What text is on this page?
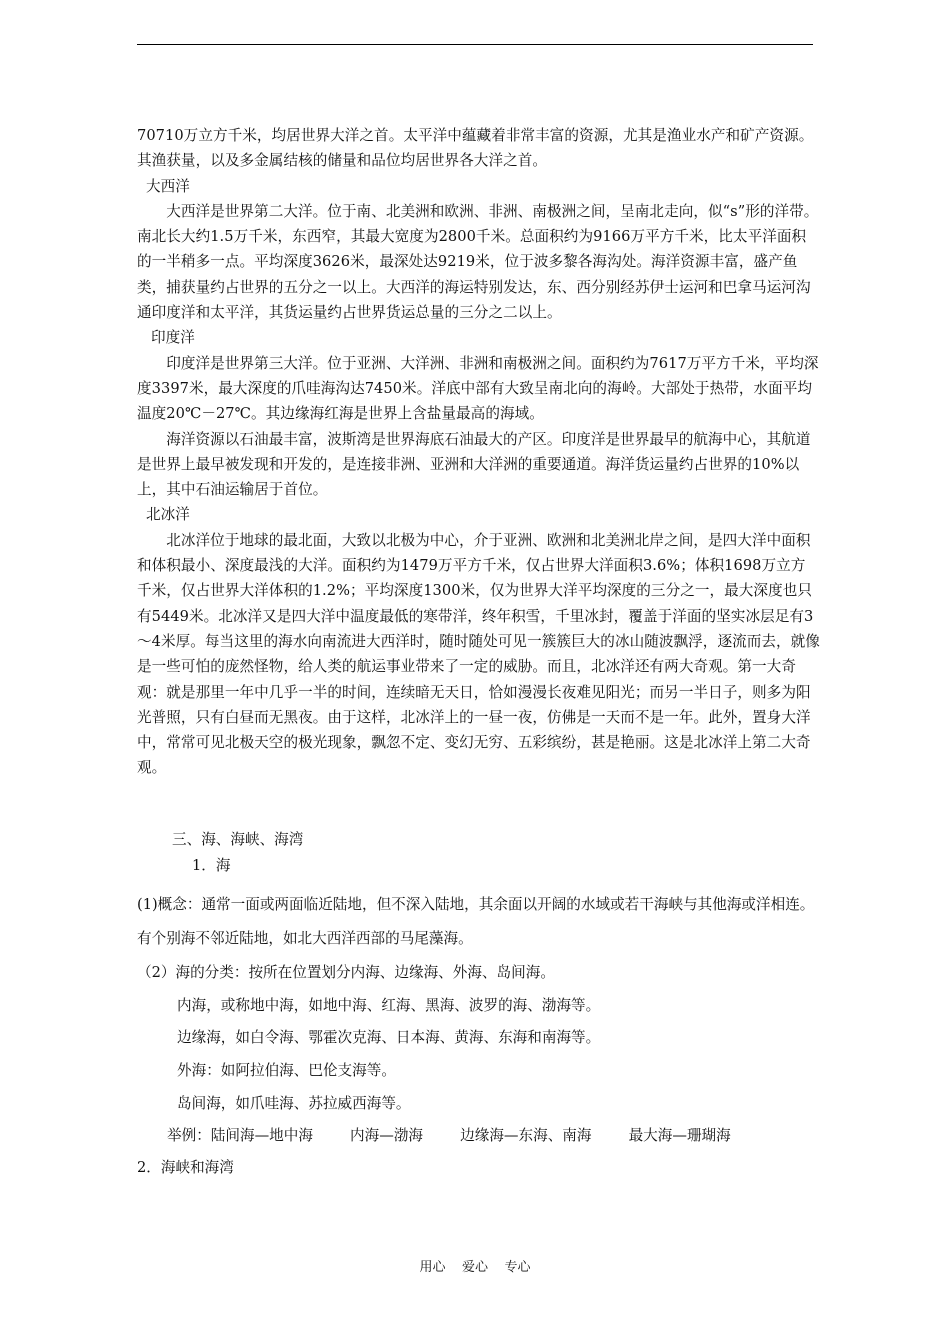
70710万立方千米，均居世界大洋之首。太平洋中蕴藏着非常丰富的资源，尤其是渔业水产和矿产资源。其渔获量，以及多金属结核的储量和品位均居世界各大洋之首。

大西洋

大西洋是世界第二大洋。位于南、北美洲和欧洲、非洲、南极洲之间，呈南北走向，似“s”形的洋带。南北长大约1.5万千米，东西窄，其最大宽度为2800千米。总面积约为9166万平方千米，比太平洋面积的一半稍多一点。平均深度3626米，最深处达9219米，位于波多黎各海沟处。海洋资源丰富，盛产鱼类，捕获量约占世界的五分之一以上。大西洋的海运特别发达，东、西分别经苏伊士运河和巴拿马运河沟通印度洋和太平洋，其货运量约占世界货运总量的三分之二以上。

印度洋

印度洋是世界第三大洋。位于亚洲、大洋洲、非洲和南极洲之间。面积约为7617万平方千米，平均深度3397米，最大深度的爪哇海沟达7450米。洋底中部有大致呈南北向的海岭。大部处于热带，水面平均温度20℃－27℃。其边缘海红海是世界上含盐量最高的海域。

海洋资源以石油最丰富，波斯湾是世界海底石油最大的产区。印度洋是世界最早的航海中心，其航道是世界上最早被发现和开发的，是连接非洲、亚洲和大洋洲的重要通道。海洋货运量约占世界的10%以上，其中石油运输居于首位。

北冰洋

北冰洋位于地球的最北面，大致以北极为中心，介于亚洲、欧洲和北美洲北岸之间，是四大洋中面积和体积最小、深度最浅的大洋。面积约为1479万平方千米，仅占世界大洋面积3.6%；体积1698万立方千米，仅占世界大洋体积的1.2%；平均深度1300米，仅为世界大洋平均深度的三分之一，最大深度也只有5449米。北冰洋又是四大洋中温度最低的寒带洋，终年积雪，千里冰封，覆盖于洋面的坚实冰层足有3～4米厚。每当这里的海水向南流进大西洋时，随时随处可见一簇簇巨大的冰山随波飘浮，逐流而去，就像是一些可怕的庞然怪物，给人类的航运事业带来了一定的威胁。而且，北冰洋还有两大奇观。第一大奇观：就是那里一年中几乎一半的时间，连续暗无天日，恰如漫漫长夜难见阳光；而另一半日子，则多为阳光普照，只有白昼而无黑夜。由于这样，北冰洋上的一昼一夜，仿佛是一天而不是一年。此外，置身大洋中，常常可见北极天空的极光现象，飘忽不定、变幻无穷、五彩缤纷，甚是艳丽。这是北冰洋上第二大奇观。

三、海、海峡、海湾

1．海

(1)概念：通常一面或两面临近陆地，但不深入陆地，其余面以开阔的水域或若干海峡与其他海或洋相连。有个别海不邻近陆地，如北大西洋西部的马尾藻海。

（2）海的分类：按所在位置划分内海、边缘海、外海、岛间海。

内海，或称地中海，如地中海、红海、黑海、波罗的海、渤海等。

边缘海，如白令海、鄂霍次克海、日本海、黄海、东海和南海等。

外海：如阿拉伯海、巴伦支海等。

岛间海，如爪哇海、苏拉威西海等。

举例：陆间海—地中海        内海—渤海        边缘海—东海、南海        最大海—珊瑚海

2．海峡和海湾

用心    爱心    专心
